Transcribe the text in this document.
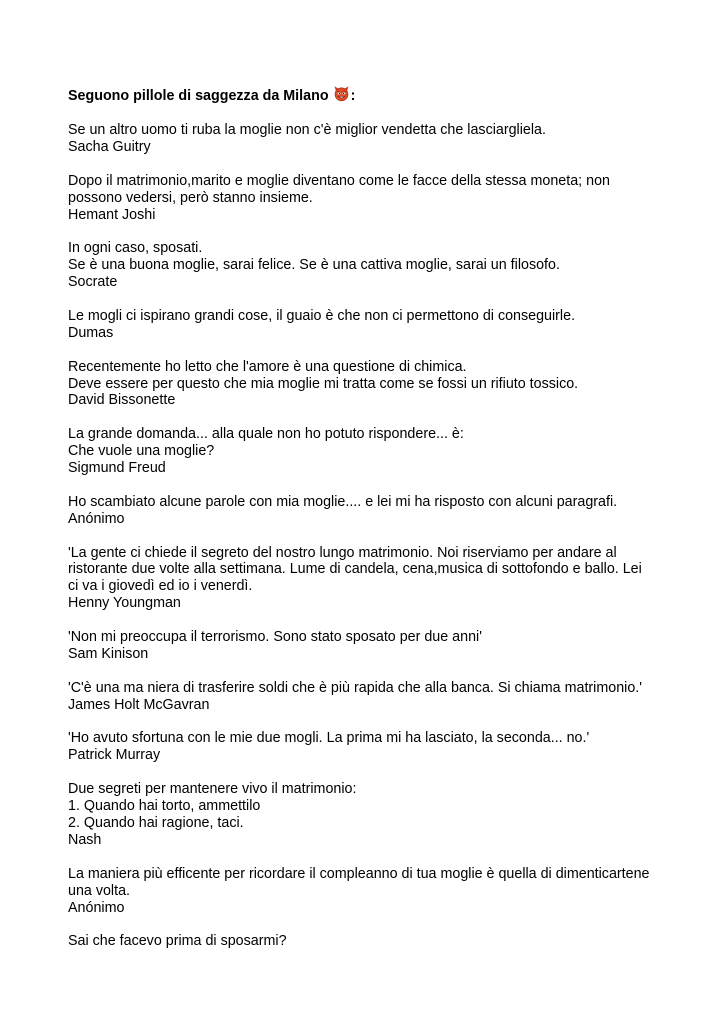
Seguono pillole di saggezza da Milano :
Se un altro uomo ti ruba la moglie non c'è miglior vendetta che lasciargliela.
Sacha Guitry
Dopo il matrimonio,marito e moglie diventano come le facce della stessa moneta; non
possono vedersi, però stanno insieme.
Hemant Joshi
In ogni caso, sposati.
Se è una buona moglie, sarai felice. Se è una cattiva moglie, sarai un filosofo.
Socrate
Le mogli ci ispirano grandi cose, il guaio è che non ci permettono di conseguirle.
Dumas
Recentemente ho letto che l'amore è una questione di chimica.
Deve essere per questo che mia moglie mi tratta come se fossi un rifiuto tossico.
David Bissonette
La grande domanda... alla quale non ho potuto rispondere... è:
Che vuole una moglie?
Sigmund Freud
Ho scambiato alcune parole con mia moglie.... e lei mi ha risposto con alcuni paragrafi.
Anónimo
'La gente ci chiede il segreto del nostro lungo matrimonio. Noi riserviamo per andare al
ristorante due volte alla settimana. Lume di candela, cena,musica di sottofondo e ballo. Lei
ci va i giovedì ed io i venerdì.
Henny Youngman
'Non mi preoccupa il terrorismo. Sono stato sposato per due anni'
Sam Kinison
'C'è una ma niera di trasferire soldi che è più rapida che alla banca. Si chiama matrimonio.'
James Holt McGavran
'Ho avuto sfortuna con le mie due mogli. La prima mi ha lasciato, la seconda... no.'
Patrick Murray
Due segreti per mantenere vivo il matrimonio:
1. Quando hai torto, ammettilo
2. Quando hai ragione, taci.
Nash
La maniera più efficente per ricordare il compleanno di tua moglie è quella di dimenticartene
una volta.
Anónimo
Sai che facevo prima di sposarmi?
